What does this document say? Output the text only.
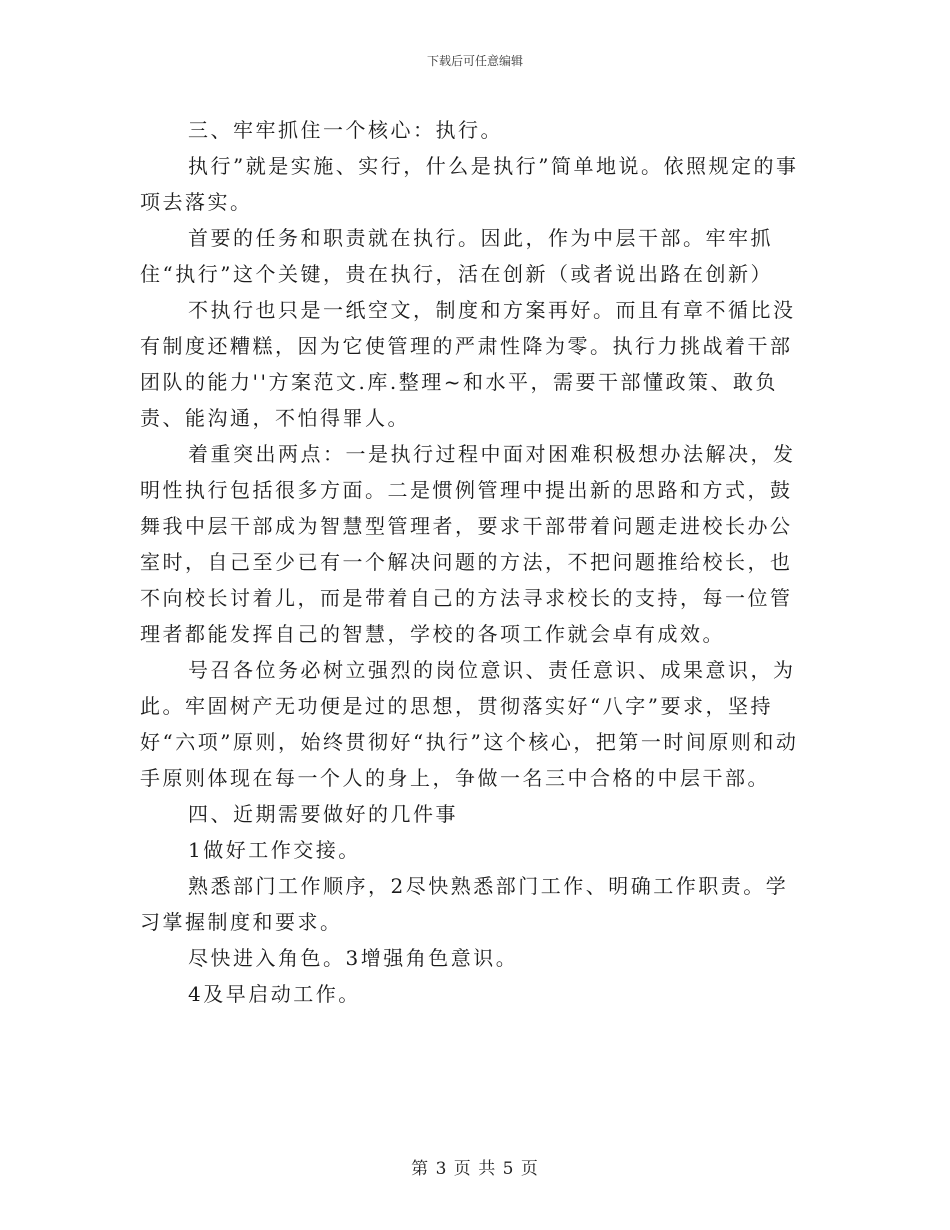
下载后可任意编辑

三、牢牢抓住一个核心：执行。

执行”就是实施、实行，什么是执行”简单地说。依照规定的事项去落实。

首要的任务和职责就在执行。因此，作为中层干部。牢牢抓住“执行”这个关键，贵在执行，活在创新（或者说出路在创新）

不执行也只是一纸空文，制度和方案再好。而且有章不循比没有制度还糟糕，因为它使管理的严肃性降为零。执行力挑战着干部团队的能力''方案范文.库.整理~和水平，需要干部懂政策、敢负责、能沟通，不怕得罪人。

着重突出两点：一是执行过程中面对困难积极想办法解决，发明性执行包括很多方面。二是惯例管理中提出新的思路和方式，鼓舞我中层干部成为智慧型管理者，要求干部带着问题走进校长办公室时，自己至少已有一个解决问题的方法，不把问题推给校长，也不向校长讨着儿，而是带着自己的方法寻求校长的支持，每一位管理者都能发挥自己的智慧，学校的各项工作就会卓有成效。

号召各位务必树立强烈的岗位意识、责任意识、成果意识，为此。牢固树产无功便是过的思想，贯彻落实好“八字”要求，坚持好“六项”原则，始终贯彻好“执行”这个核心，把第一时间原则和动手原则体现在每一个人的身上，争做一名三中合格的中层干部。

四、近期需要做好的几件事

1做好工作交接。

熟悉部门工作顺序，2尽快熟悉部门工作、明确工作职责。学习掌握制度和要求。

尽快进入角色。3增强角色意识。

4及早启动工作。

第 3 页 共 5 页
